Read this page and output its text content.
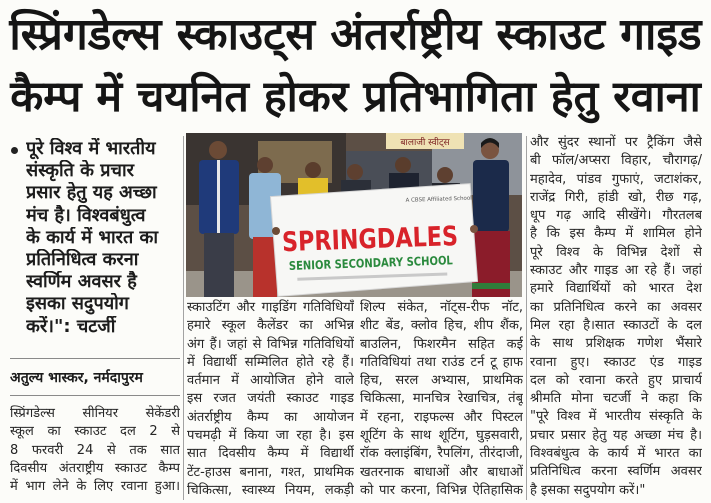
स्प्रिंगडेल्स स्काउट्स अंतर्राष्ट्रीय स्काउट गाइड
कैम्प में चयनित होकर प्रतिभागिता हेतु रवाना
पूरे विश्व में भारतीय
संस्कृति के प्रचार
प्रसार हेतु यह अच्छा
मंच है। विश्वबंधुत्व
के कार्य में भारत का
प्रतिनिधित्व करना
स्वर्णिम अवसर है
इसका सदुपयोग
करें।": चटर्जी
अतुल्य भास्कर, नर्मदापुरम
स्प्रिंगडेल्स सीनियर सेकेंडरी
स्कूल का स्काउट दल 2 से
8 फरवरी 24 से तक सात
दिवसीय अंतराष्ट्रीय स्काउट कैम्प
में भाग लेने के लिए रवाना हुआ।
बालाजी स्वीट्स
A CBSE Affiliated School
SPRINGDALES
SENIOR SECONDARY SCHOOL
स्काउटिंग और गाइडिंग गतिविधियाँ
हमारे स्कूल कैलेंडर का अभिन्न
अंग हैं। जहां से विभिन्न गतिविधियों
में विद्यार्थी सम्मिलित होते रहे हैं।
वर्तमान में आयोजित होने वाले
इस रजत जयंती स्काउट गाइड
अंतर्राष्ट्रीय कैम्प का आयोजन
पचमढ़ी में किया जा रहा है। इस
सात दिवसीय कैम्प में विद्यार्थी
टेंट-हाउस बनाना, गश्त, प्राथमिक
चिकित्सा, स्वास्थ्य नियम, लकड़ी
शिल्प संकेत, नॉट्स-रीफ नॉट,
शीट बेंड, क्लोव हिच, शीप शैंक,
बाउलिन, फिशरमैन सहित कई
गतिविधियां तथा राउंड टर्न टू हाफ
हिच, सरल अभ्यास, प्राथमिक
चिकित्सा, मानचित्र रेखाचित्र, तंबू
में रहना, राइफल्स और पिस्टल
शूटिंग के साथ शूटिंग, घुड़सवारी,
रॉक क्लाइंबिंग, रैपलिंग, तीरंदाजी,
खतरनाक बाधाओं और बाधाओं
को पार करना, विभिन्न ऐतिहासिक
और सुंदर स्थानों पर ट्रैकिंग जैसे
बी फॉल/अप्सरा विहार, चौरागढ़/
महादेव, पांडव गुफाएं, जटाशंकर,
राजेंद्र गिरी, हांडी खो, रीछ गढ़,
धूप गढ़ आदि सीखेंगे। गौरतलब
है कि इस कैम्प में शामिल होने
पूरे विश्व के विभिन्न देशों से
स्काउट और गाइड आ रहे हैं। जहां
हमारे विद्यार्थियों को भारत देश
का प्रतिनिधित्व करने का अवसर
मिल रहा है।सात स्काउटों के दल
के साथ प्रशिक्षक गणेश भैंसारे
रवाना हुए। स्काउट एंड गाइड
दल को रवाना करते हुए प्राचार्य
श्रीमति मोना चटर्जी ने कहा कि
"पूरे विश्व में भारतीय संस्कृति के
प्रचार प्रसार हेतु यह अच्छा मंच है।
विश्वबंधुत्व के कार्य में भारत का
प्रतिनिधित्व करना स्वर्णिम अवसर
है इसका सदुपयोग करें।"
